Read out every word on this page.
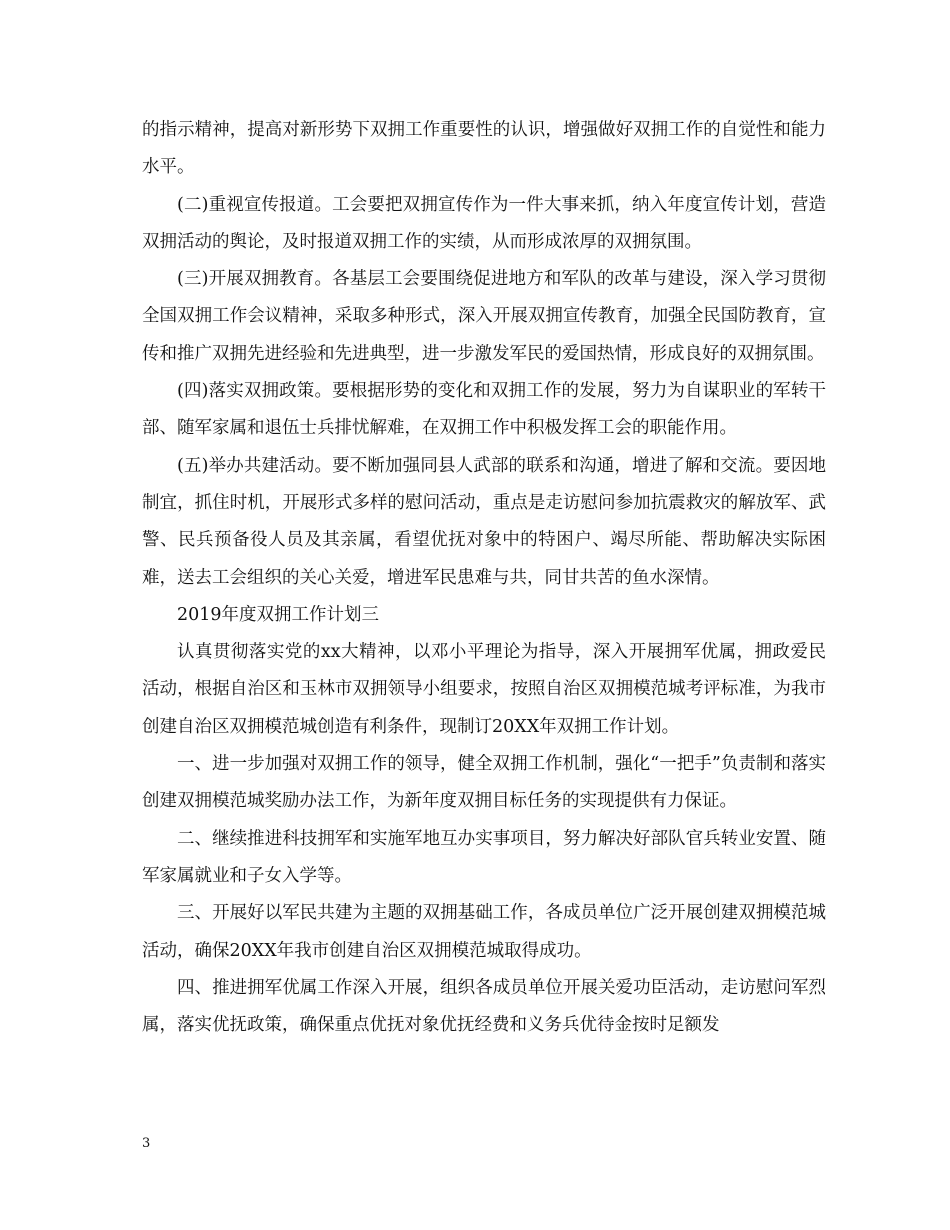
的指示精神，提高对新形势下双拥工作重要性的认识，增强做好双拥工作的自觉性和能力水平。

(二)重视宣传报道。工会要把双拥宣传作为一件大事来抓，纳入年度宣传计划，营造双拥活动的舆论，及时报道双拥工作的实绩，从而形成浓厚的双拥氛围。

(三)开展双拥教育。各基层工会要围绕促进地方和军队的改革与建设，深入学习贯彻全国双拥工作会议精神，采取多种形式，深入开展双拥宣传教育，加强全民国防教育，宣传和推广双拥先进经验和先进典型，进一步激发军民的爱国热情，形成良好的双拥氛围。

(四)落实双拥政策。要根据形势的变化和双拥工作的发展，努力为自谋职业的军转干部、随军家属和退伍士兵排忧解难，在双拥工作中积极发挥工会的职能作用。

(五)举办共建活动。要不断加强同县人武部的联系和沟通，增进了解和交流。要因地制宜，抓住时机，开展形式多样的慰问活动，重点是走访慰问参加抗震救灾的解放军、武警、民兵预备役人员及其亲属，看望优抚对象中的特困户、竭尽所能、帮助解决实际困难，送去工会组织的关心关爱，增进军民患难与共，同甘共苦的鱼水深情。

2019年度双拥工作计划三

认真贯彻落实党的xx大精神，以邓小平理论为指导，深入开展拥军优属，拥政爱民活动，根据自治区和玉林市双拥领导小组要求，按照自治区双拥模范城考评标准，为我市创建自治区双拥模范城创造有利条件，现制订20XX年双拥工作计划。

一、进一步加强对双拥工作的领导，健全双拥工作机制，强化“一把手”负责制和落实创建双拥模范城奖励办法工作，为新年度双拥目标任务的实现提供有力保证。

二、继续推进科技拥军和实施军地互办实事项目，努力解决好部队官兵转业安置、随军家属就业和子女入学等。

三、开展好以军民共建为主题的双拥基础工作，各成员单位广泛开展创建双拥模范城活动，确保20XX年我市创建自治区双拥模范城取得成功。

四、推进拥军优属工作深入开展，组织各成员单位开展关爱功臣活动，走访慰问军烈属，落实优抚政策，确保重点优抚对象优抚经费和义务兵优待金按时足额发

3
